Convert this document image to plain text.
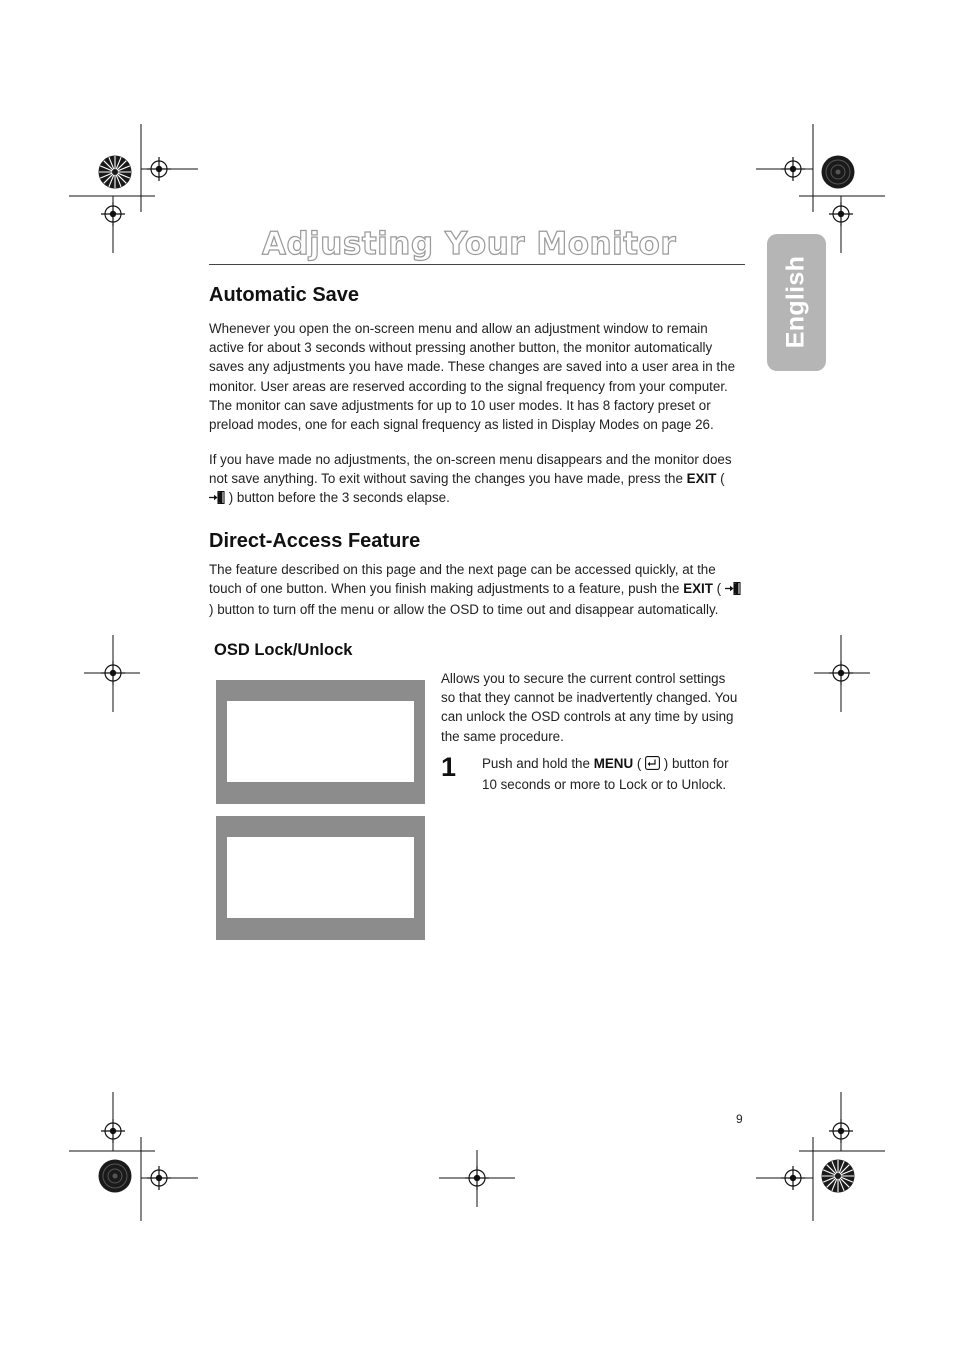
Adjusting Your Monitor
English
Automatic Save

Whenever you open the on-screen menu and allow an adjustment window to remain active for about 3 seconds without pressing another button, the monitor automatically saves any adjustments you have made. These changes are saved into a user area in the monitor. User areas are reserved according to the signal frequency from your computer. The monitor can save adjustments for up to 10 user modes. It has 8 factory preset or preload modes, one for each signal frequency as listed in Display Modes on page 26.

If you have made no adjustments, the on-screen menu disappears and the monitor does not save anything. To exit without saving the changes you have made, press the EXIT (  ) button before the 3 seconds elapse.

Direct-Access Feature

The feature described on this page and the next page can be accessed quickly, at the touch of one button. When you finish making adjustments to a feature, push the EXIT (  ) button to turn off the menu or allow the OSD to time out and disappear automatically.

OSD Lock/Unlock

Allows you to secure the current control settings so that they cannot be inadvertently changed. You can unlock the OSD controls at any time by using the same procedure.

1 Push and hold the MENU (  ) button for 10 seconds or more to Lock or to Unlock.

9
